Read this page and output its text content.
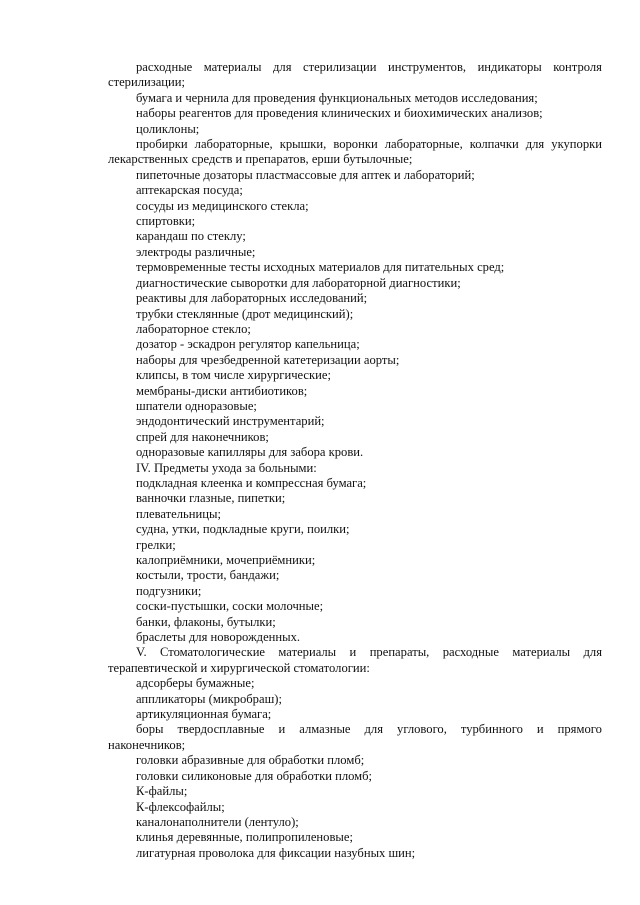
расходные материалы для стерилизации инструментов, индикаторы контроля
стерилизации;
бумага и чернила для проведения функциональных методов исследования;
наборы реагентов для проведения клинических и биохимических анализов;
цоликлоны;
пробирки лабораторные, крышки, воронки лабораторные, колпачки для укупорки
лекарственных средств и препаратов, ерши бутылочные;
пипеточные дозаторы пластмассовые для аптек и лабораторий;
аптекарская посуда;
сосуды из медицинского стекла;
спиртовки;
карандаш по стеклу;
электроды различные;
термовременные тесты исходных материалов для питательных сред;
диагностические сыворотки для лабораторной диагностики;
реактивы для лабораторных исследований;
трубки стеклянные (дрот медицинский);
лабораторное стекло;
дозатор - эскадрон регулятор капельница;
наборы для чрезбедренной катетеризации аорты;
клипсы, в том числе хирургические;
мембраны-диски антибиотиков;
шпатели одноразовые;
эндодонтический инструментарий;
спрей для наконечников;
одноразовые капилляры для забора крови.
IV. Предметы ухода за больными:
подкладная клеенка и компрессная бумага;
ванночки глазные, пипетки;
плевательницы;
судна, утки, подкладные круги, поилки;
грелки;
калоприёмники, мочеприёмники;
костыли, трости, бандажи;
подгузники;
соски-пустышки, соски молочные;
банки, флаконы, бутылки;
браслеты для новорожденных.
V. Стоматологические материалы и препараты, расходные материалы для
терапевтической и хирургической стоматологии:
адсорберы бумажные;
аппликаторы (микробраш);
артикуляционная бумага;
боры твердосплавные и алмазные для углового, турбинного и прямого
наконечников;
головки абразивные для обработки пломб;
головки силиконовые для обработки пломб;
К-файлы;
К-флексофайлы;
каналонаполнители (лентуло);
клинья деревянные, полипропиленовые;
лигатурная проволока для фиксации назубных шин;
